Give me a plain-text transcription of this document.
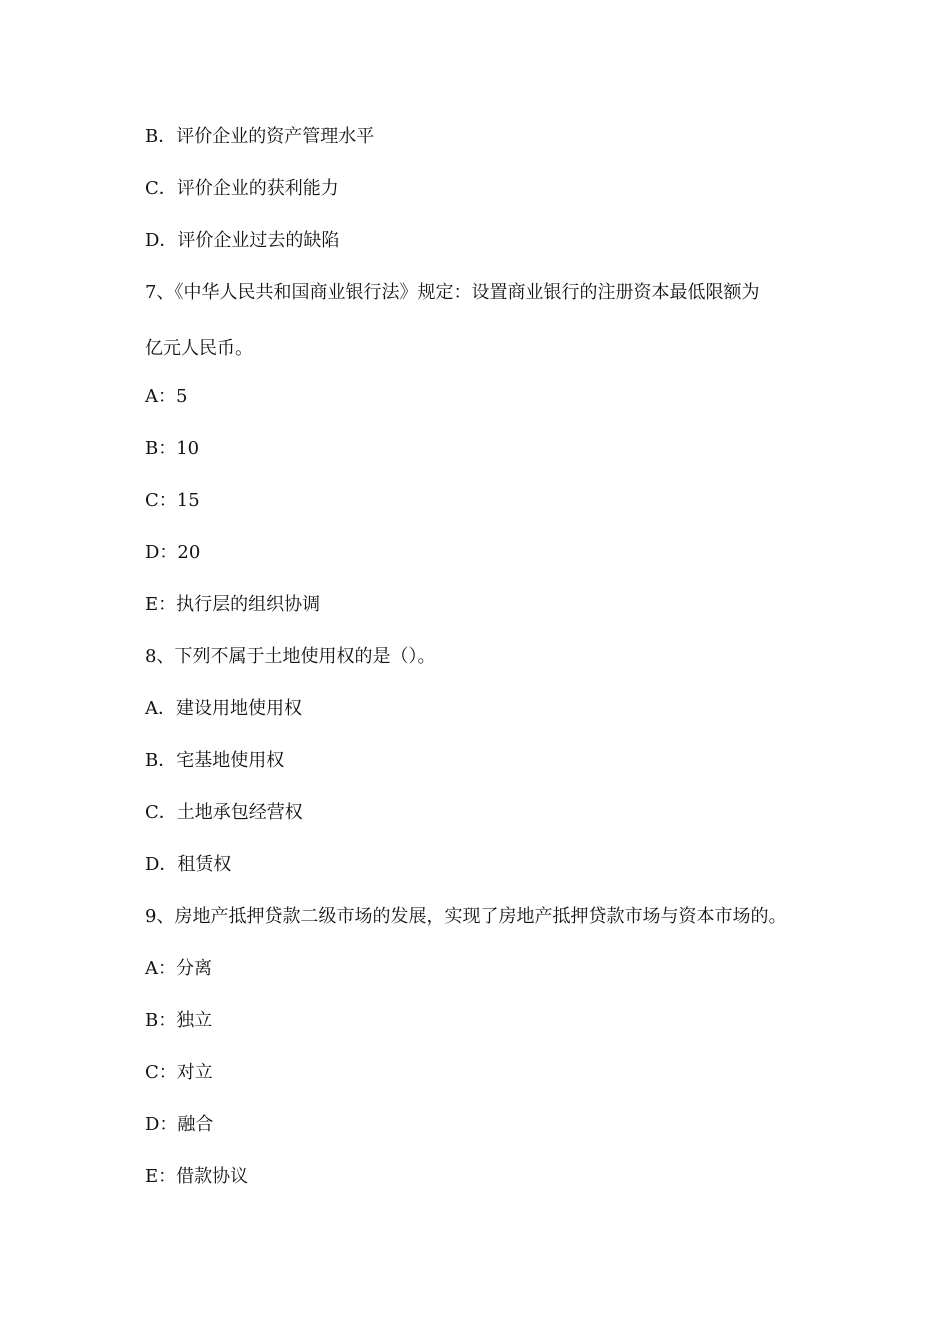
B．评价企业的资产管理水平
C．评价企业的获利能力
D．评价企业过去的缺陷
7、《中华人民共和国商业银行法》规定：设置商业银行的注册资本最低限额为
亿元人民币。
A：5
B：10
C：15
D：20
E：执行层的组织协调
8、下列不属于土地使用权的是（）。
A．建设用地使用权
B．宅基地使用权
C．土地承包经营权
D．租赁权
9、房地产抵押贷款二级市场的发展，实现了房地产抵押贷款市场与资本市场的。
A：分离
B：独立
C：对立
D：融合
E：借款协议
